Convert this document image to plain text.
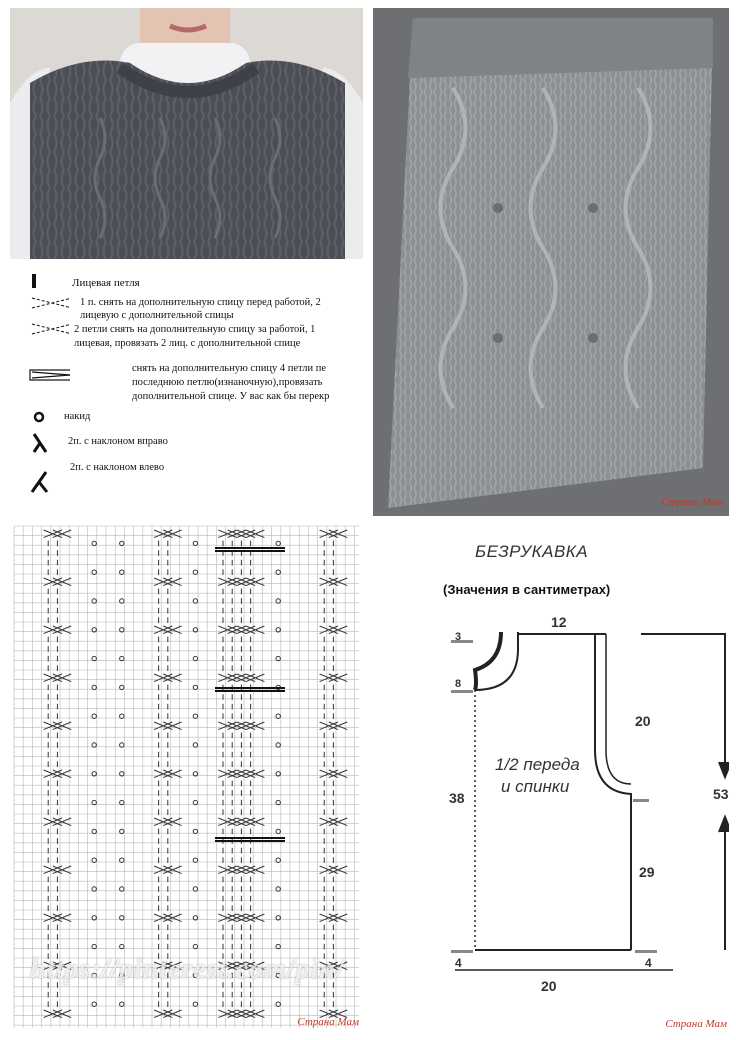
Страна Мам
Лицевая петля
1 п. снять на дополнительную спицу перед работой, 2
лицевую с дополнительной спицы
2 петли снять на дополнительную спицу за работой, 1
лицевая, провязать 2 лиц. с дополнительной спице
снять на дополнительную спицу 4 петли пе
последнюю петлю(изнаночную),провязать
дополнительной спице. У вас как бы перекр
накид
2п. с наклоном вправо
2п. с наклоном влево
Страна Мам
БЕЗРУКАВКА
(Значения в сантиметрах)
1/2 переда
и спинки
12
3
8
20
38
29
53
20
4	4
Страна Мам
https://pinterest.com/pin/
